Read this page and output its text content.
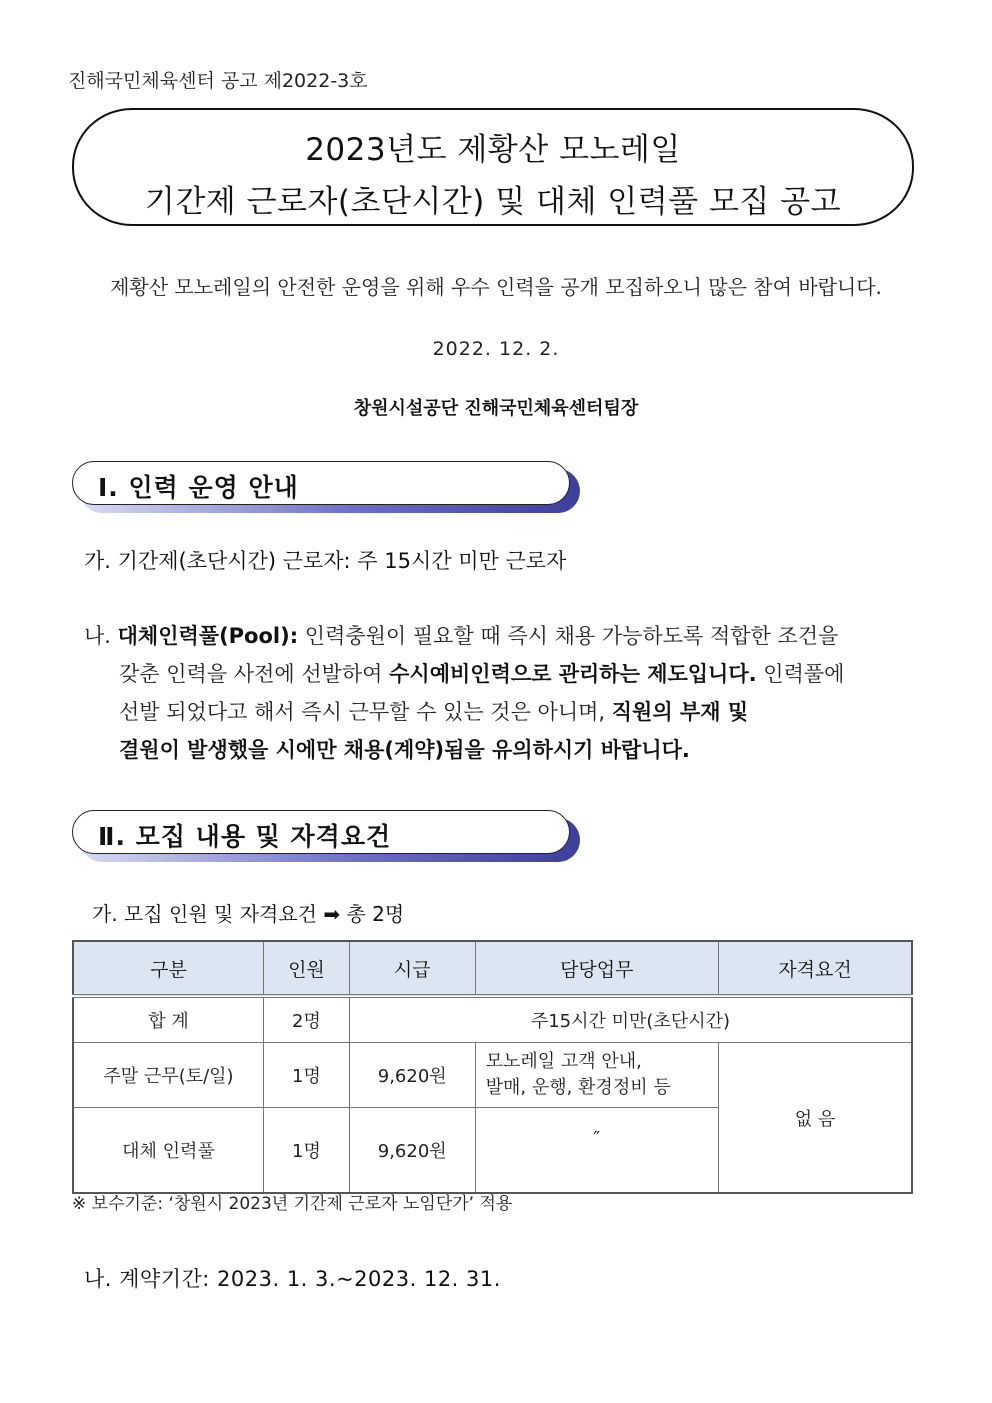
진해국민체육센터 공고 제2022-3호
2023년도 제황산 모노레일
기간제 근로자(초단시간) 및 대체 인력풀 모집 공고
제황산 모노레일의 안전한 운영을 위해 우수 인력을 공개 모집하오니 많은 참여 바랍니다.
2022. 12. 2.
창원시설공단 진해국민체육센터팀장
Ⅰ. 인력 운영 안내
가. 기간제(초단시간) 근로자: 주 15시간 미만 근로자
나. 대체인력풀(Pool): 인력충원이 필요할 때 즉시 채용 가능하도록 적합한 조건을
갖춘 인력을 사전에 선발하여 수시예비인력으로 관리하는 제도입니다. 인력풀에
선발 되었다고 해서 즉시 근무할 수 있는 것은 아니며, 직원의 부재 및
결원이 발생했을 시에만 채용(계약)됨을 유의하시기 바랍니다.
Ⅱ. 모집 내용 및 자격요건
가. 모집 인원 및 자격요건 ➡ 총 2명
구분	인원	시급	담당업무	자격요건
합 계	2명	주15시간 미만(초단시간)		
주말 근무(토/일)	1명	9,620원	모노레일 고객 안내,
발매, 운행, 환경정비 등	없 음
대체 인력풀	1명	9,620원	″	
※ 보수기준: ‘창원시 2023년 기간제 근로자 노임단가’ 적용
나. 계약기간: 2023. 1. 3.~2023. 12. 31.
